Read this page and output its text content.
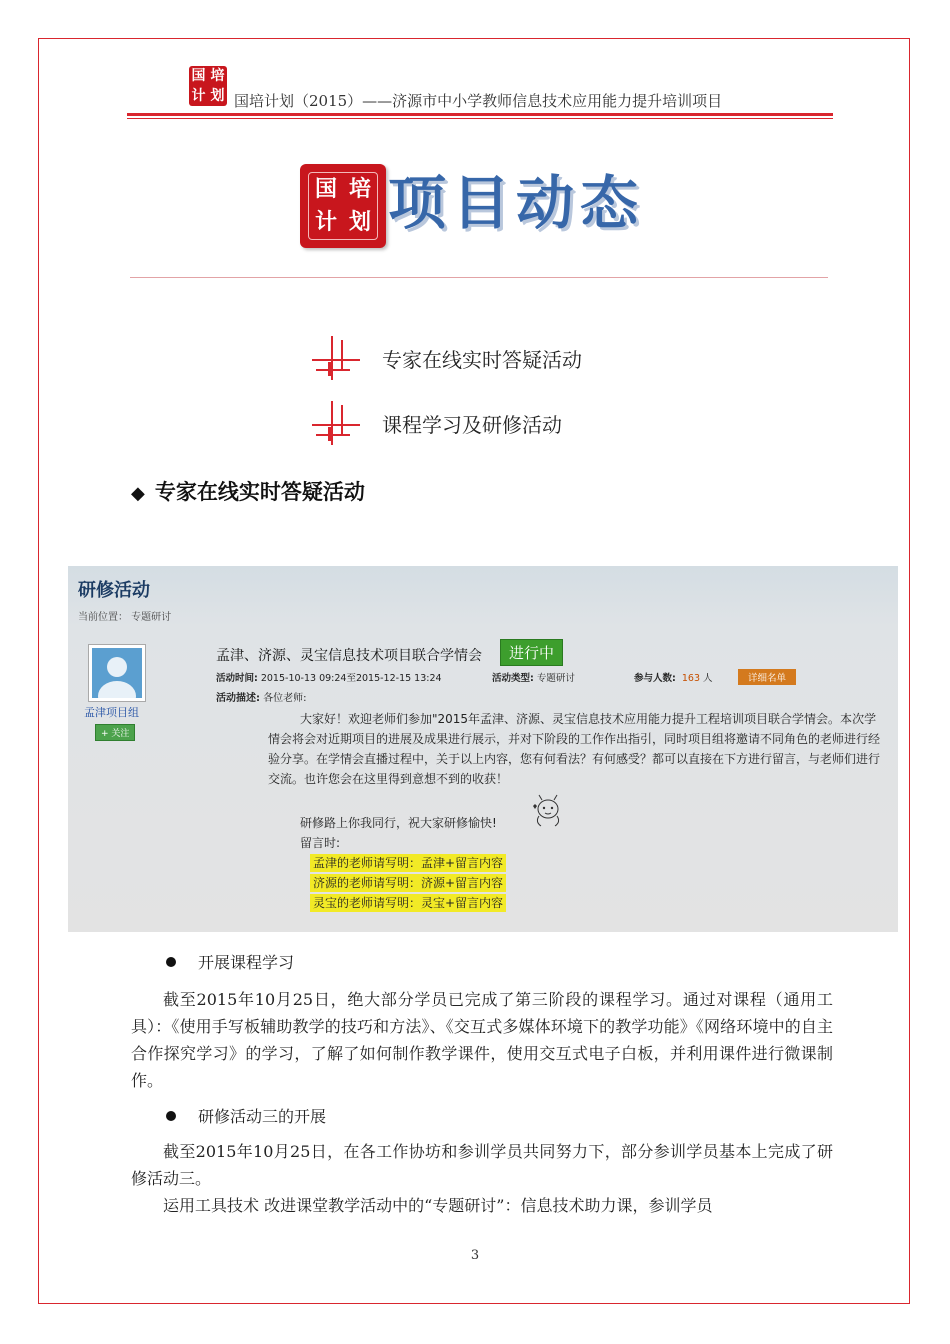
国 培
计 划 国培计划（2015）——济源市中小学教师信息技术应用能力提升培训项目
国 培
计 划 项目动态
专家在线实时答疑活动
课程学习及研修活动
◆ 专家在线实时答疑活动
研修活动
当前位置： 专题研讨
孟津项目组
+ 关注
孟津、济源、灵宝信息技术项目联合学情会	进行中
活动时间: 2015-10-13 09:24至2015-12-15 13:24	活动类型: 专题研讨	参与人数: 163 人	详细名单
活动描述: 各位老师:

大家好！欢迎老师们参加"2015年孟津、济源、灵宝信息技术应用能力提升工程培训项目联合学情会。本次学情会将会对近期项目的进展及成果进行展示，并对下阶段的工作作出指引，同时项目组将邀请不同角色的老师进行经验分享。在学情会直播过程中，关于以上内容，您有何看法？有何感受？都可以直接在下方进行留言，与老师们进行交流。也许您会在这里得到意想不到的收获！

研修路上你我同行，祝大家研修愉快!
留言时:
孟津的老师请写明：孟津+留言内容
济源的老师请写明：济源+留言内容
灵宝的老师请写明：灵宝+留言内容
开展课程学习

截至2015年10月25日，绝大部分学员已完成了第三阶段的课程学习。通过对课程（通用工具）：《使用手写板辅助教学的技巧和方法》、《交互式多媒体环境下的教学功能》《网络环境中的自主合作探究学习》的学习，了解了如何制作教学课件，使用交互式电子白板，并利用课件进行微课制作。

研修活动三的开展

截至2015年10月25日，在各工作协坊和参训学员共同努力下，部分参训学员基本上完成了研修活动三。

运用工具技术 改进课堂教学活动中的“专题研讨”：信息技术助力课，参训学员

3
